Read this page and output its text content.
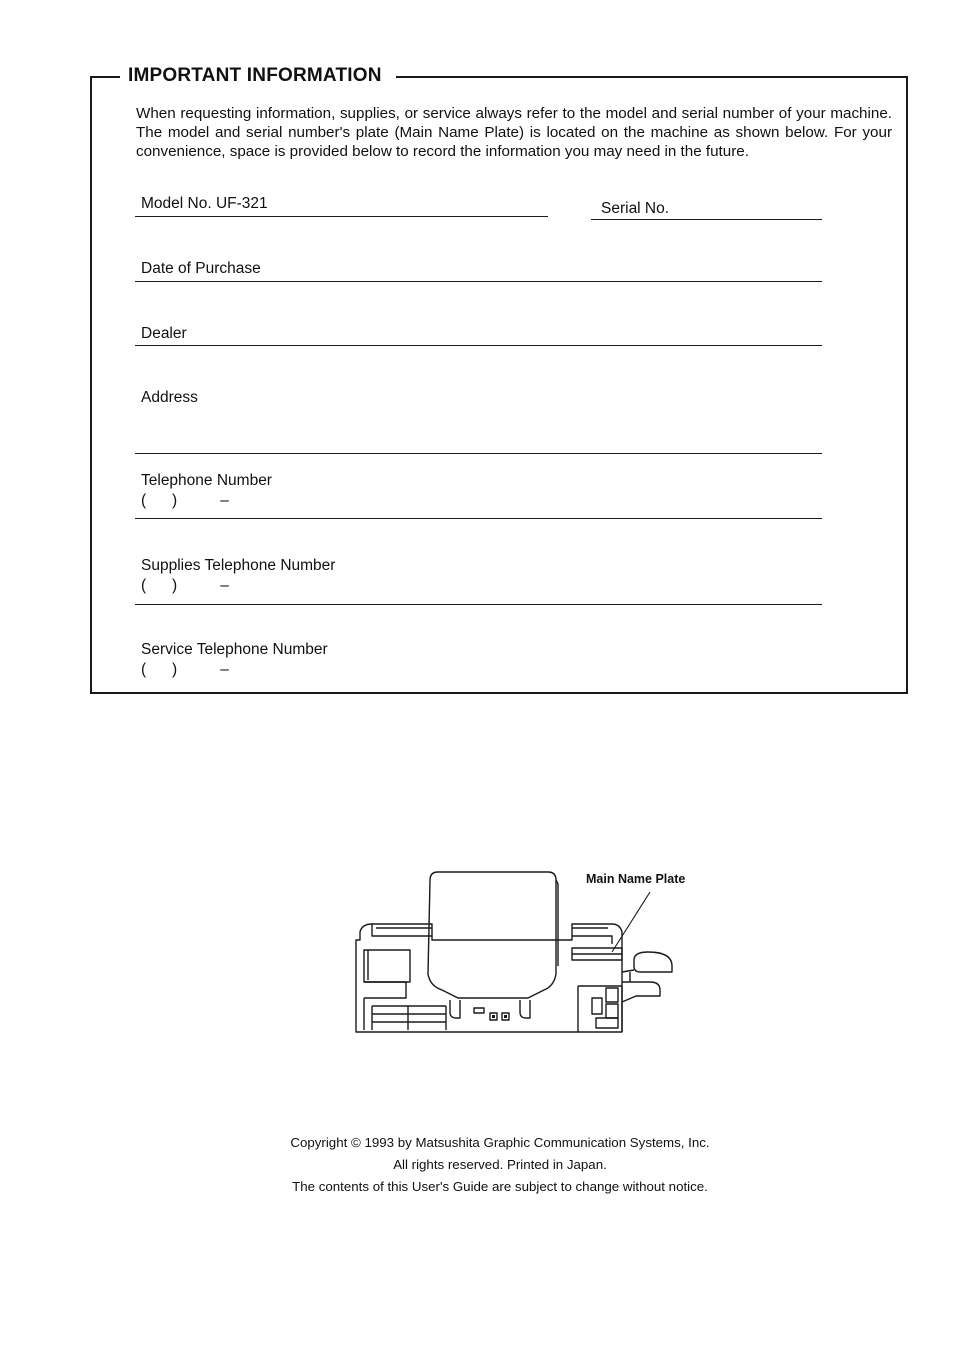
IMPORTANT INFORMATION

When requesting information, supplies, or service always refer to the model and serial number of your machine. The model and serial number's plate (Main Name Plate) is located on the machine as shown below. For your convenience, space is provided below to record the information you may need in the future.

Model No. UF-321	Serial No.
Date of Purchase
Dealer
Address
Telephone Number
(      )          –
Supplies Telephone Number
(      )          –
Service Telephone Number
(      )          –
Main Name Plate
Copyright © 1993 by Matsushita Graphic Communication Systems, Inc.
All rights reserved. Printed in Japan.
The contents of this User's Guide are subject to change without notice.
